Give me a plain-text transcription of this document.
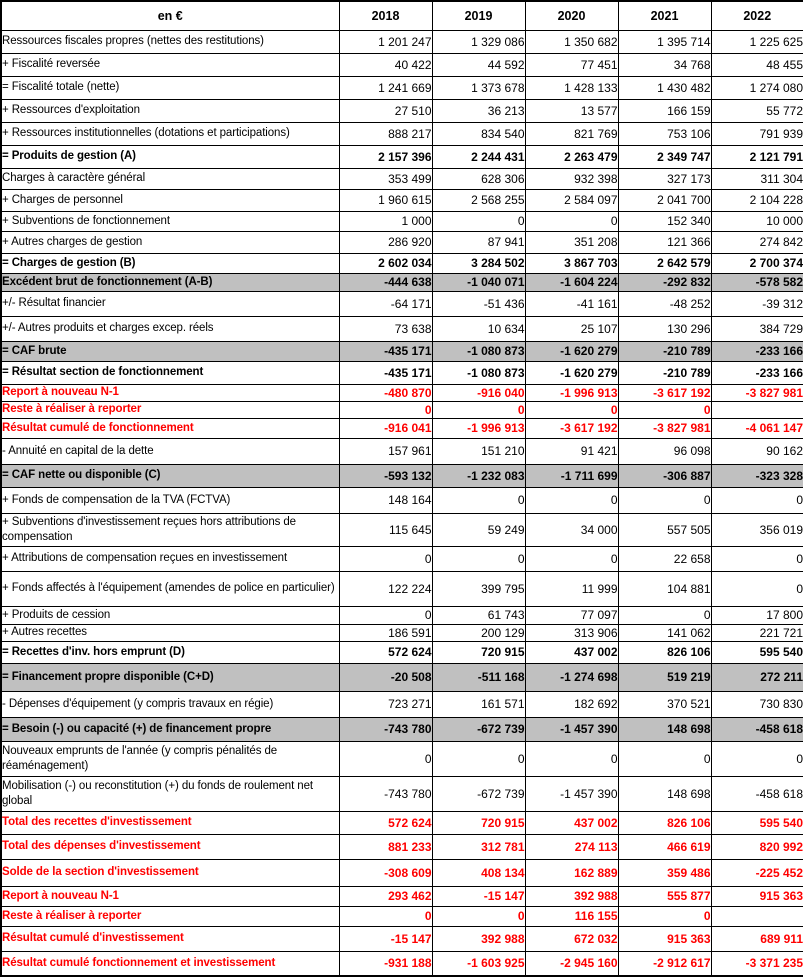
en €	2018	2019	2020	2021	2022
Ressources fiscales propres (nettes des restitutions)	1 201 247	1 329 086	1 350 682	1 395 714	1 225 625
+ Fiscalité reversée	40 422	44 592	77 451	34 768	48 455
= Fiscalité totale (nette)	1 241 669	1 373 678	1 428 133	1 430 482	1 274 080
+ Ressources d'exploitation	27 510	36 213	13 577	166 159	55 772
+ Ressources institutionnelles (dotations et participations)	888 217	834 540	821 769	753 106	791 939
= Produits de gestion (A)	2 157 396	2 244 431	2 263 479	2 349 747	2 121 791
Charges à caractère général	353 499	628 306	932 398	327 173	311 304
+ Charges de personnel	1 960 615	2 568 255	2 584 097	2 041 700	2 104 228
+ Subventions de fonctionnement	1 000	0	0	152 340	10 000
+ Autres charges de gestion	286 920	87 941	351 208	121 366	274 842
= Charges de gestion (B)	2 602 034	3 284 502	3 867 703	2 642 579	2 700 374
Excédent brut de fonctionnement (A-B)	-444 638	-1 040 071	-1 604 224	-292 832	-578 582
+/- Résultat financier	-64 171	-51 436	-41 161	-48 252	-39 312
+/- Autres produits et charges excep. réels	73 638	10 634	25 107	130 296	384 729
= CAF brute	-435 171	-1 080 873	-1 620 279	-210 789	-233 166
= Résultat section de fonctionnement	-435 171	-1 080 873	-1 620 279	-210 789	-233 166
Report à nouveau N-1	-480 870	-916 040	-1 996 913	-3 617 192	-3 827 981
Reste à réaliser à reporter	0	0	0	0	
Résultat cumulé de fonctionnement	-916 041	-1 996 913	-3 617 192	-3 827 981	-4 061 147
- Annuité en capital de la dette	157 961	151 210	91 421	96 098	90 162
= CAF nette ou disponible (C)	-593 132	-1 232 083	-1 711 699	-306 887	-323 328
+ Fonds de compensation de la TVA (FCTVA)	148 164	0	0	0	0
+ Subventions d'investissement reçues hors attributions de compensation	115 645	59 249	34 000	557 505	356 019
+ Attributions de compensation reçues en investissement	0	0	0	22 658	0
+ Fonds affectés à l'équipement (amendes de police en particulier)	122 224	399 795	11 999	104 881	0
+ Produits de cession	0	61 743	77 097	0	17 800
+ Autres recettes	186 591	200 129	313 906	141 062	221 721
= Recettes d'inv. hors emprunt (D)	572 624	720 915	437 002	826 106	595 540
= Financement propre disponible (C+D)	-20 508	-511 168	-1 274 698	519 219	272 211
- Dépenses d'équipement (y compris travaux en régie)	723 271	161 571	182 692	370 521	730 830
= Besoin (-) ou capacité (+) de financement propre	-743 780	-672 739	-1 457 390	148 698	-458 618
Nouveaux emprunts de l'année (y compris pénalités de réaménagement)	0	0	0	0	0
Mobilisation (-) ou reconstitution (+) du fonds de roulement net global	-743 780	-672 739	-1 457 390	148 698	-458 618
Total des recettes d'investissement	572 624	720 915	437 002	826 106	595 540
Total des dépenses d'investissement	881 233	312 781	274 113	466 619	820 992
Solde de la section d'investissement	-308 609	408 134	162 889	359 486	-225 452
Report à nouveau N-1	293 462	-15 147	392 988	555 877	915 363
Reste à réaliser à reporter	0	0	116 155	0	
Résultat cumulé d'investissement	-15 147	392 988	672 032	915 363	689 911
Résultat cumulé fonctionnement et investissement	-931 188	-1 603 925	-2 945 160	-2 912 617	-3 371 235
